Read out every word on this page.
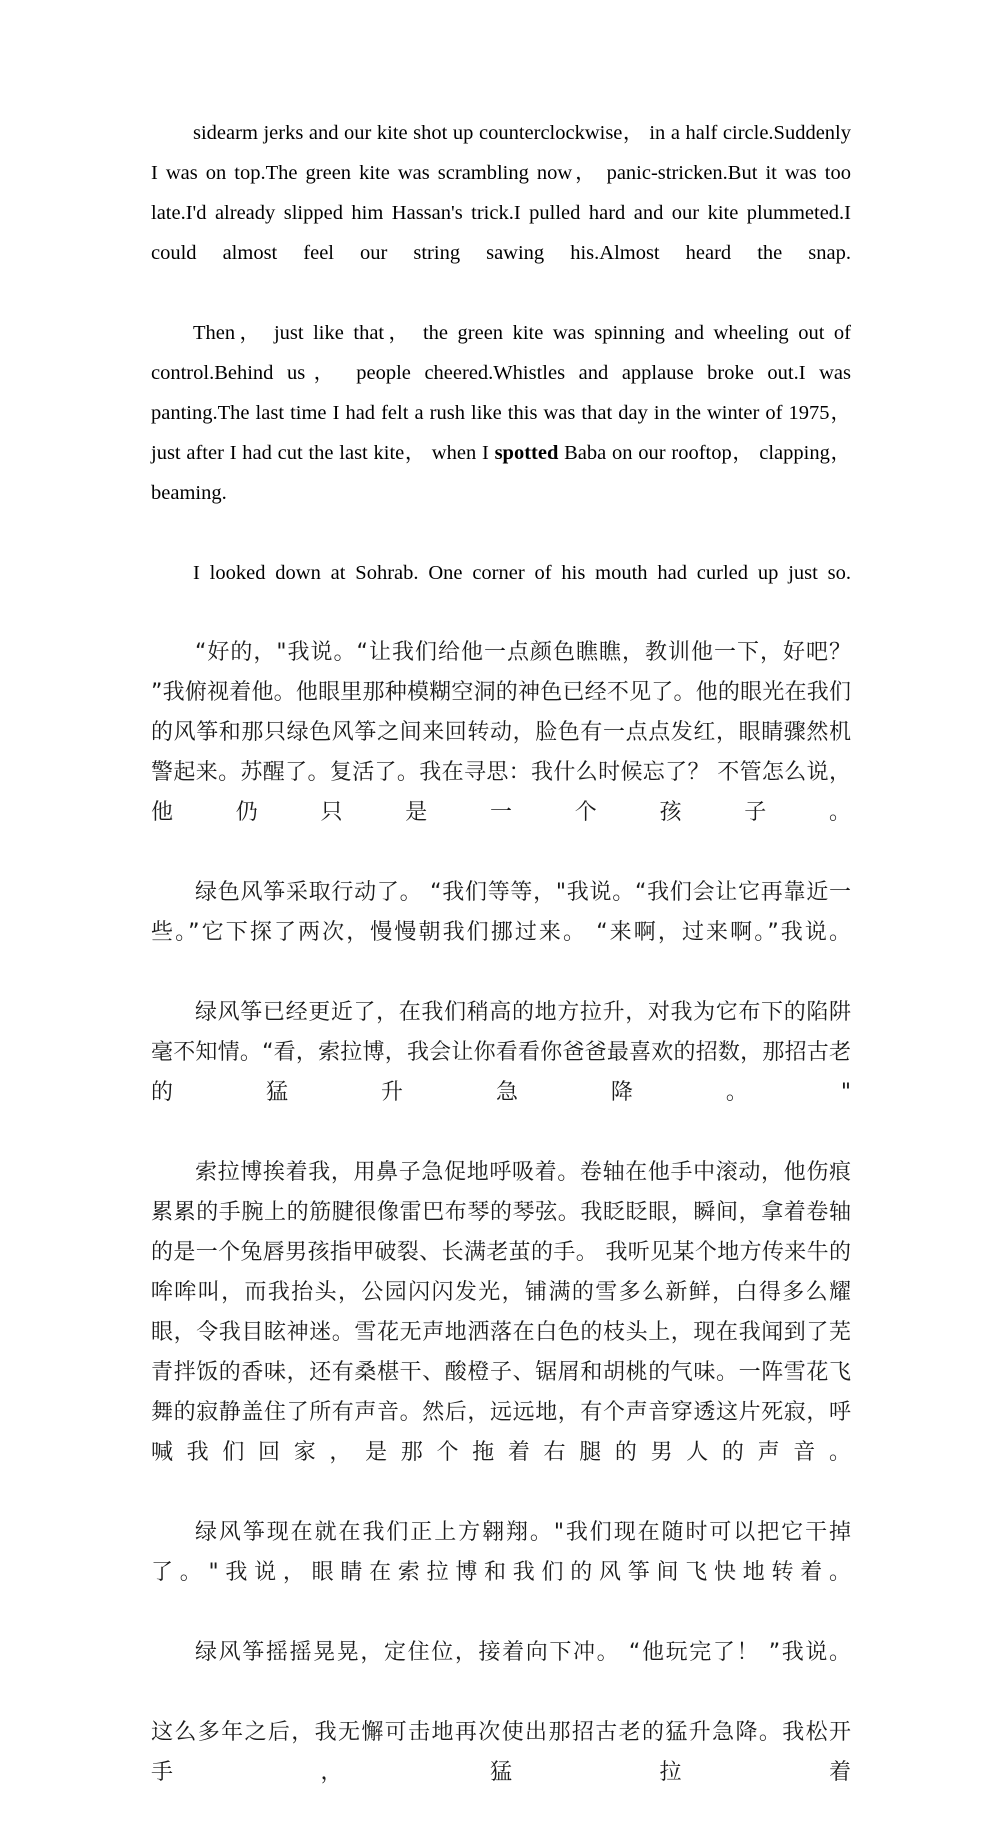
sidearm jerks and our kite shot up counterclockwise， in a half circle.Suddenly I was on top.The green kite was scrambling now， panic-stricken.But it was too late.I'd already slipped him Hassan's trick.I pulled hard and our kite plummeted.I could almost feel our string sawing his.Almost heard the snap.

Then， just like that， the green kite was spinning and wheeling out of control.Behind us， people cheered.Whistles and applause broke out.I was panting.The last time I had felt a rush like this was that day in the winter of 1975， just after I had cut the last kite， when I spotted Baba on our rooftop， clapping， beaming.

I looked down at Sohrab. One corner of his mouth had curled up just so.

“好的，"我说。“让我们给他一点颜色瞧瞧，教训他一下，好吧？ ”我俯视着他。他眼里那种模糊空洞的神色已经不见了。他的眼光在我们的风筝和那只绿色风筝之间来回转动，脸色有一点点发红，眼睛骤然机警起来。苏醒了。复活了。我在寻思：我什么时候忘了？ 不管怎么说，他仍只是一个孩子。

绿色风筝采取行动了。 “我们等等，"我说。“我们会让它再靠近一些。”它下探了两次，慢慢朝我们挪过来。 “来啊，过来啊。”我说。

绿风筝已经更近了，在我们稍高的地方拉升，对我为它布下的陷阱毫不知情。“看，索拉博，我会让你看看你爸爸最喜欢的招数，那招古老的猛升急降。"

索拉博挨着我，用鼻子急促地呼吸着。卷轴在他手中滚动，他伤痕累累的手腕上的筋腱很像雷巴布琴的琴弦。我眨眨眼，瞬间，拿着卷轴的是一个兔唇男孩指甲破裂、长满老茧的手。 我听见某个地方传来牛的哞哞叫，而我抬头，公园闪闪发光，铺满的雪多么新鲜，白得多么耀眼，令我目眩神迷。雪花无声地洒落在白色的枝头上，现在我闻到了芜青拌饭的香味，还有桑椹干、酸橙子、锯屑和胡桃的气味。一阵雪花飞舞的寂静盖住了所有声音。然后，远远地，有个声音穿透这片死寂，呼喊我们回家，是那个拖着右腿的男人的声音。

绿风筝现在就在我们正上方翱翔。"我们现在随时可以把它干掉了。"我说，眼睛在索拉博和我们的风筝间飞快地转着。

绿风筝摇摇晃晃，定住位，接着向下冲。 “他玩完了！ ”我说。

这么多年之后，我无懈可击地再次使出那招古老的猛升急降。我松开手，猛拉着
